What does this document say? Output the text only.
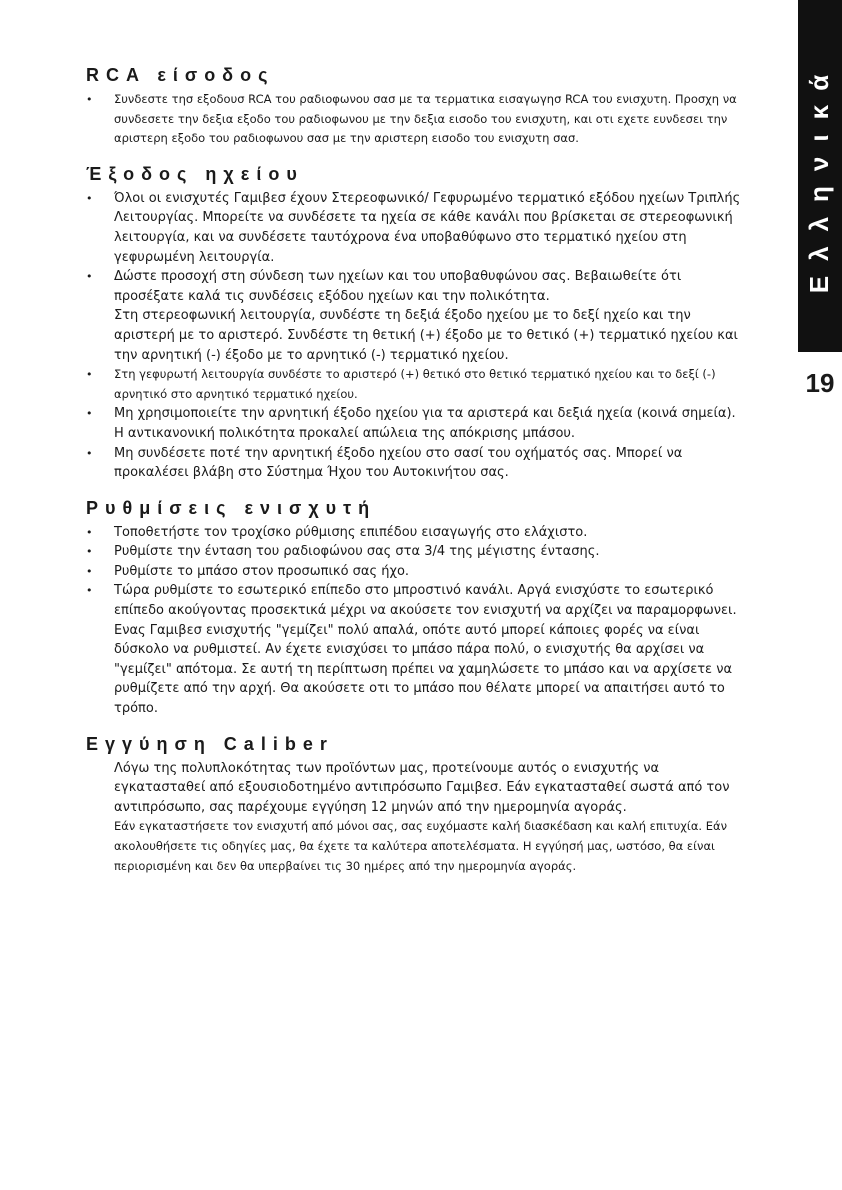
Ελληνικά
19
RCA είσοδος
• Συνδεστε τησ εξοδουσ RCA του ραδιοφωνου σασ με τα τερματικα εισαγωγησ RCA του ενισχυτη. Προσχη να συνδεσετε την δεξια εξοδο του ραδιοφωνου με την δεξια εισοδο του ενισχυτη, και οτι εχετε ευνδεσει την αριστερη εξοδο του ραδιοφωνου σασ με την αριστερη εισοδο του ενισχυτη σασ.
Έξοδος ηχείου
• Όλοι οι ενισχυτές Γαμιβεσ έχουν Στερεοφωνικό/ Γεφυρωμένο τερματικό εξόδου ηχείων Τριπλής Λειτουργίας. Μπορείτε να συνδέσετε τα ηχεία σε κάθε κανάλι που βρίσκεται σε στερεοφωνική λειτουργία, και να συνδέσετε ταυτόχρονα ένα υποβαθύφωνο στο τερματικό ηχείου στη γεφυρωμένη λειτουργία.
• Δώστε προσοχή στη σύνδεση των ηχείων και του υποβαθυφώνου σας. Βεβαιωθείτε ότι προσέξατε καλά τις συνδέσεις εξόδου ηχείων και την πολικότητα.
Στη στερεοφωνική λειτουργία, συνδέστε τη δεξιά έξοδο ηχείου με το δεξί ηχείο και την αριστερή με το αριστερό. Συνδέστε τη θετική (+) έξοδο με το θετικό (+) τερματικό ηχείου και την αρνητική (-) έξοδο με το αρνητικό (-) τερματικό ηχείου.
• Στη γεφυρωτή λειτουργία συνδέστε το αριστερό (+) θετικό στο θετικό τερματικό ηχείου και το δεξί (-) αρνητικό στο αρνητικό τερματικό ηχείου.
• Μη χρησιμοποιείτε την αρνητική έξοδο ηχείου για τα αριστερά και δεξιά ηχεία (κοινά σημεία). Η αντικανονική πολικότητα προκαλεί απώλεια της απόκρισης μπάσου.
• Μη συνδέσετε ποτέ την αρνητική έξοδο ηχείου στο σασί του οχήματός σας. Μπορεί να προκαλέσει βλάβη στο Σύστημα Ήχου του Αυτοκινήτου σας.
Ρυθμίσεις ενισχυτή
• Τοποθετήστε τον τροχίσκο ρύθμισης επιπέδου εισαγωγής στο ελάχιστο.
• Ρυθμίστε την ένταση του ραδιοφώνου σας στα 3/4 της μέγιστης έντασης.
• Ρυθμίστε το μπάσο στον προσωπικό σας ήχο.
• Τώρα ρυθμίστε το εσωτερικό επίπεδο στο μπροστινό κανάλι. Αργά ενισχύστε το εσωτερικό επίπεδο ακούγοντας προσεκτικά μέχρι να ακούσετε τον ενισχυτή να αρχίζει να παραμορφωνει. Ενας Γαμιβεσ ενισχυτής "γεμίζει" πολύ απαλά, οπότε αυτό μπορεί κάποιες φορές να είναι δύσκολο να ρυθμιστεί. Αν έχετε ενισχύσει το μπάσο πάρα πολύ, ο ενισχυτής θα αρχίσει να "γεμίζει" απότομα. Σε αυτή τη περίπτωση πρέπει να χαμηλώσετε το μπάσο και να αρχίσετε να ρυθμίζετε από την αρχή. Θα ακούσετε οτι το μπάσο που θέλατε μπορεί να απαιτήσει αυτό το τρόπο.
Εγγύηση Caliber
Λόγω της πολυπλοκότητας των προϊόντων μας, προτείνουμε αυτός ο ενισχυτής να εγκατασταθεί από εξουσιοδοτημένο αντιπρόσωπο Γαμιβεσ. Εάν εγκατασταθεί σωστά από τον αντιπρόσωπο, σας παρέχουμε εγγύηση 12 μηνών από την ημερομηνία αγοράς.
Εάν εγκαταστήσετε τον ενισχυτή από μόνοι σας, σας ευχόμαστε καλή διασκέδαση και καλή επιτυχία. Εάν ακολουθήσετε τις οδηγίες μας, θα έχετε τα καλύτερα αποτελέσματα. Η εγγύησή μας, ωστόσο, θα είναι περιορισμένη και δεν θα υπερβαίνει τις 30 ημέρες από την ημερομηνία αγοράς.
